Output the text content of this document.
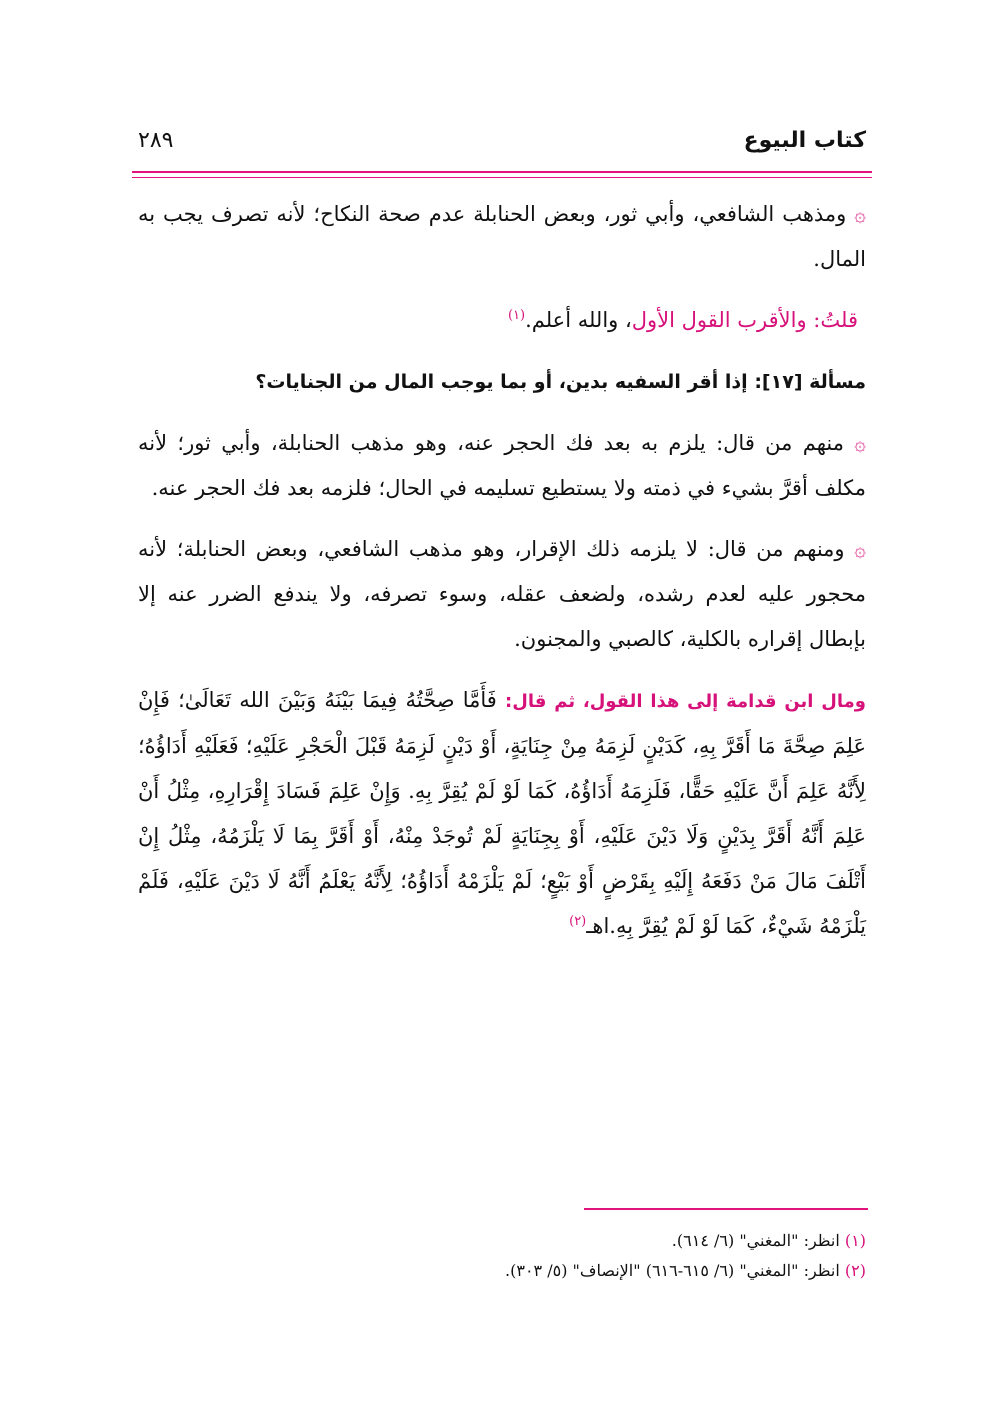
كتاب البيوع
٢٨٩

۞ ومذهب الشافعي، وأبي ثور، وبعض الحنابلة عدم صحة النكاح؛ لأنه تصرف يجب به المال.

قلتُ: والأقرب القول الأول، والله أعلم.$^{(١)}$

مسألة [١٧]: إذا أقر السفيه بدين، أو بما يوجب المال من الجنايات؟

۞ منهم من قال: يلزم به بعد فك الحجر عنه، وهو مذهب الحنابلة، وأبي ثور؛ لأنه مكلف أقرَّ بشيء في ذمته ولا يستطيع تسليمه في الحال؛ فلزمه بعد فك الحجر عنه.

۞ ومنهم من قال: لا يلزمه ذلك الإقرار، وهو مذهب الشافعي، وبعض الحنابلة؛ لأنه محجور عليه لعدم رشده، ولضعف عقله، وسوء تصرفه، ولا يندفع الضرر عنه إلا بإبطال إقراره بالكلية، كالصبي والمجنون.

ومال ابن قدامة إلى هذا القول، ثم قال: فَأَمَّا صِحَّتُهُ فِيمَا بَيْنَهُ وَبَيْنَ الله تَعَالَىٰ؛ فَإِنْ عَلِمَ صِحَّةَ مَا أَقَرَّ بِهِ، كَدَيْنٍ لَزِمَهُ مِنْ جِنَايَةٍ، أَوْ دَيْنٍ لَزِمَهُ قَبْلَ الْحَجْرِ عَلَيْهِ؛ فَعَلَيْهِ أَدَاؤُهُ؛ لِأَنَّهُ عَلِمَ أَنَّ عَلَيْهِ حَقًّا، فَلَزِمَهُ أَدَاؤُهُ، كَمَا لَوْ لَمْ يُقِرَّ بِهِ. وَإِنْ عَلِمَ فَسَادَ إِقْرَارِهِ، مِثْلُ أَنْ عَلِمَ أَنَّهُ أَقَرَّ بِدَيْنٍ وَلَا دَيْنَ عَلَيْهِ، أَوْ بِجِنَايَةٍ لَمْ تُوجَدْ مِنْهُ، أَوْ أَقَرَّ بِمَا لَا يَلْزَمُهُ، مِثْلُ إِنْ أَتْلَفَ مَالَ مَنْ دَفَعَهُ إِلَيْهِ بِقَرْضٍ أَوْ بَيْعٍ؛ لَمْ يَلْزَمْهُ أَدَاؤُهُ؛ لِأَنَّهُ يَعْلَمُ أَنَّهُ لَا دَيْنَ عَلَيْهِ، فَلَمْ يَلْزَمْهُ شَيْءٌ، كَمَا لَوْ لَمْ يُقِرَّ بِهِ.اهـ$^{(٢)}$

(١) انظر: "المغني" (٦/ ٦١٤).
(٢) انظر: "المغني" (٦/ ٦١٥-٦١٦) "الإنصاف" (٥/ ٣٠٣).
